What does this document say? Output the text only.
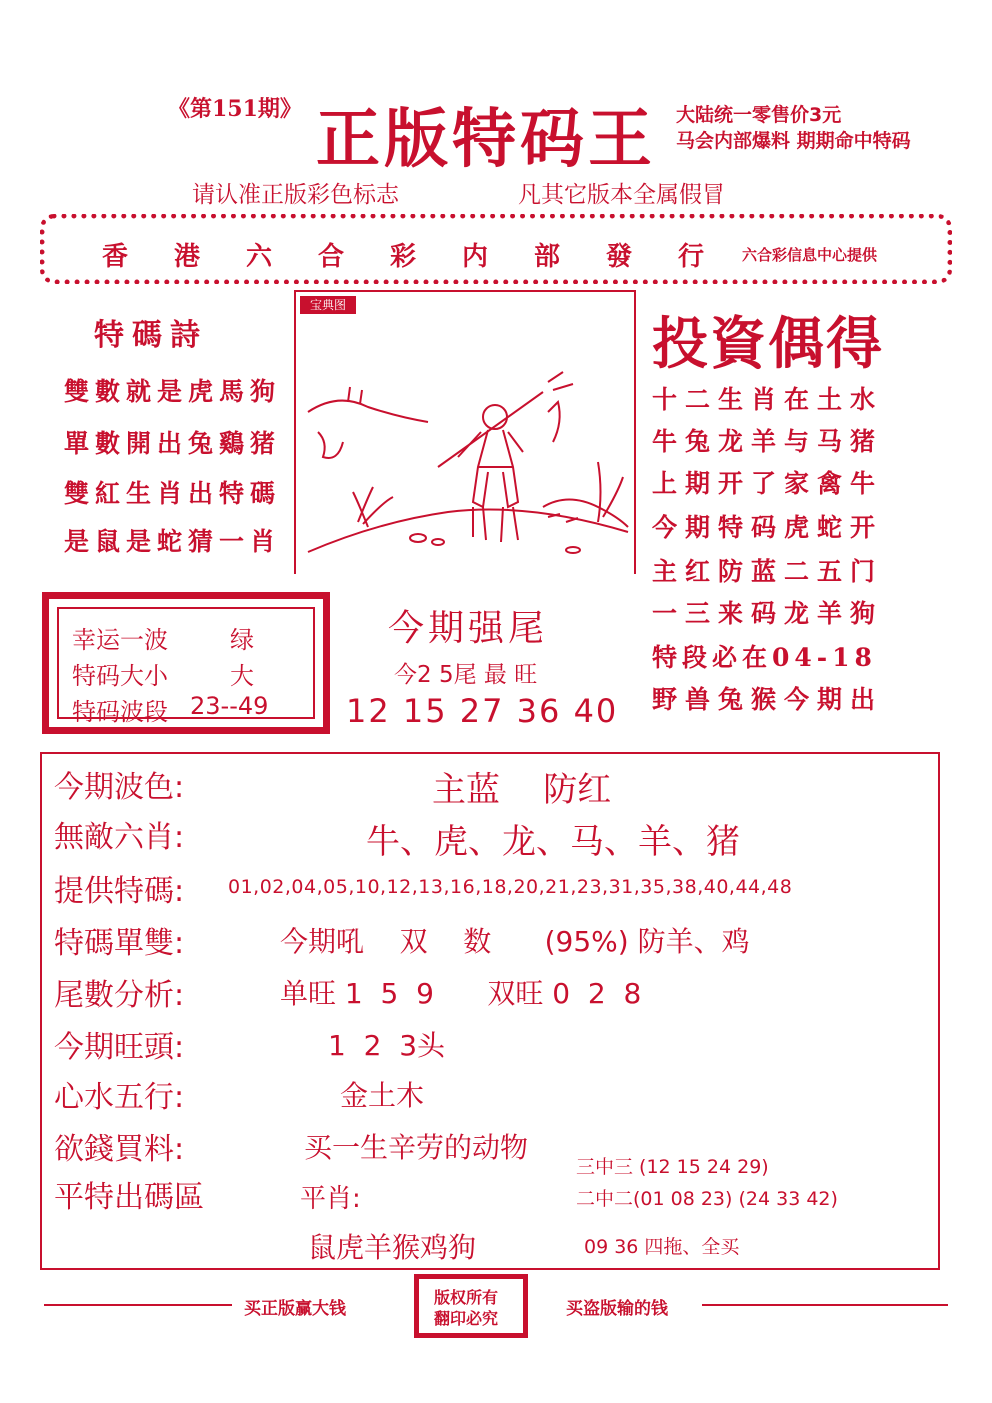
《第151期》 正版特码王 大陆统一零售价3元
马会内部爆料 期期命中特码
请认准正版彩色标志	凡其它版本全属假冒
香 港 六 合 彩 内 部 發 行	六合彩信息中心提供
特碼詩
雙數就是虎馬狗
單數開出兔鷄猪
雙紅生肖出特碼
是鼠是蛇猜一肖
宝典图
投資偶得
十二生肖在土水
牛兔龙羊与马猪
上期开了家禽牛
今期特码虎蛇开
主红防蓝二五门
一三来码龙羊狗
特段必在04-18
野兽兔猴今期出
幸运一波	绿
特码大小	大
特码波段 23--49
今期强尾
今2 5尾 最 旺
12 15 27 36 40
今期波色:	主蓝    防红
無敵六肖:	牛、虎、龙、马、羊、猪
提供特碼: 01,02,04,05,10,12,13,16,18,20,21,23,31,35,38,40,44,48
特碼單雙:	今期吼    双    数      (95%) 防羊、鸡
尾數分析:	单旺 1  5  9      双旺 0  2  8
今期旺頭:	1  2  3头
心水五行:	金土木
欲錢買料:	买一生辛劳的动物
平特出碼區	平肖:
鼠虎羊猴鸡狗
三中三 (12 15 24 29)
二中二(01 08 23) (24 33 42)
09 36 四拖、全买
买正版赢大钱
版权所有
翻印必究	买盗版输的钱
